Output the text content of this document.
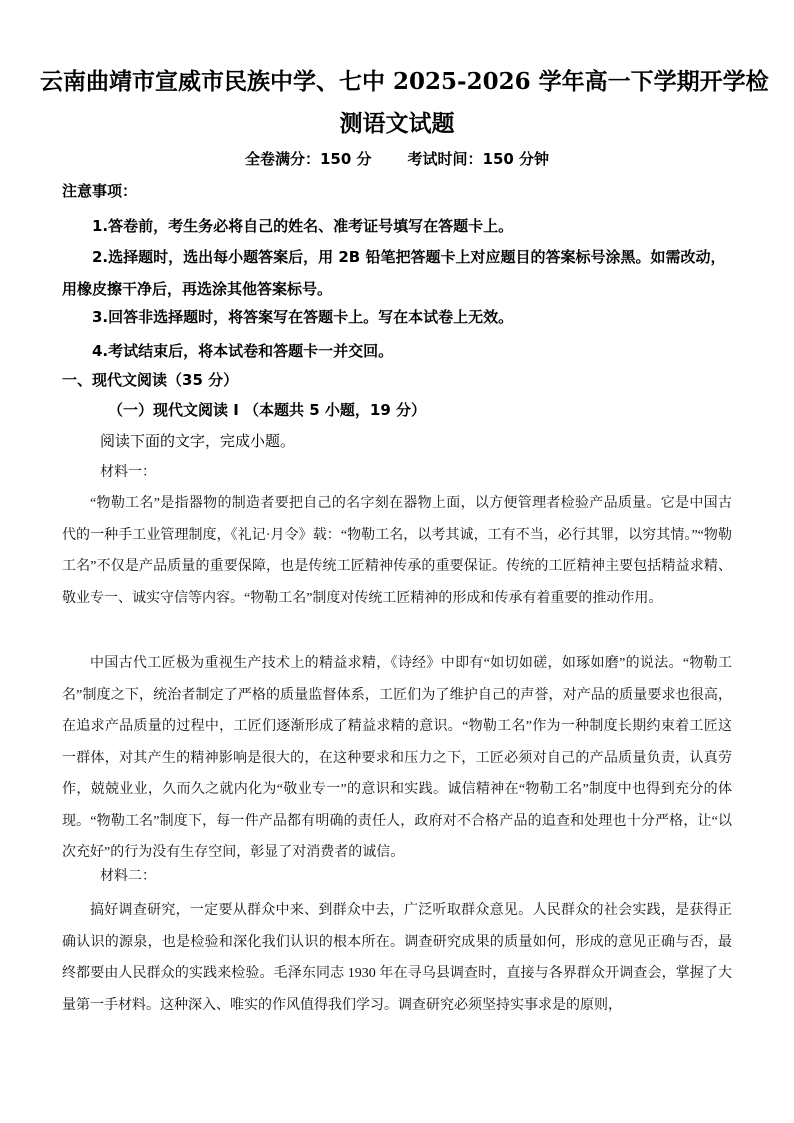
云南曲靖市宣威市民族中学、七中 2025-2026 学年高一下学期开学检
测语文试题
全卷满分：150 分 考试时间：150 分钟
注意事项：
1.答卷前，考生务必将自己的姓名、准考证号填写在答题卡上。
2.选择题时，选出每小题答案后，用 2B 铅笔把答题卡上对应题目的答案标号涂黑。如需改动，用橡皮擦干净后，再选涂其他答案标号。
3.回答非选择题时，将答案写在答题卡上。写在本试卷上无效。
4.考试结束后，将本试卷和答题卡一并交回。
一、现代文阅读（35 分）
（一）现代文阅读 I （本题共 5 小题，19 分）
阅读下面的文字，完成小题。
材料一：
“物勒工名”是指器物的制造者要把自己的名字刻在器物上面，以方便管理者检验产品质量。它是中国古代的一种手工业管理制度，《礼记·月令》载：“物勒工名，以考其诚，工有不当，必行其罪，以穷其情。”“物勒工名”不仅是产品质量的重要保障，也是传统工匠精神传承的重要保证。传统的工匠精神主要包括精益求精、敬业专一、诚实守信等内容。“物勒工名”制度对传统工匠精神的形成和传承有着重要的推动作用。
中国古代工匠极为重视生产技术上的精益求精，《诗经》中即有“如切如磋，如琢如磨”的说法。“物勒工名”制度之下，统治者制定了严格的质量监督体系，工匠们为了维护自己的声誉，对产品的质量要求也很高，在追求产品质量的过程中，工匠们逐渐形成了精益求精的意识。“物勒工名”作为一种制度长期约束着工匠这一群体，对其产生的精神影响是很大的，在这种要求和压力之下，工匠必须对自己的产品质量负责，认真劳作，兢兢业业，久而久之就内化为“敬业专一”的意识和实践。诚信精神在“物勒工名”制度中也得到充分的体现。“物勒工名”制度下，每一件产品都有明确的责任人，政府对不合格产品的追查和处理也十分严格，让“以次充好”的行为没有生存空间，彰显了对消费者的诚信。
材料二：
搞好调查研究，一定要从群众中来、到群众中去，广泛听取群众意见。人民群众的社会实践，是获得正确认识的源泉，也是检验和深化我们认识的根本所在。调查研究成果的质量如何，形成的意见正确与否，最终都要由人民群众的实践来检验。毛泽东同志 1930 年在寻乌县调查时，直接与各界群众开调查会，掌握了大量第一手材料。这种深入、唯实的作风值得我们学习。调查研究必须坚持实事求是的原则，
